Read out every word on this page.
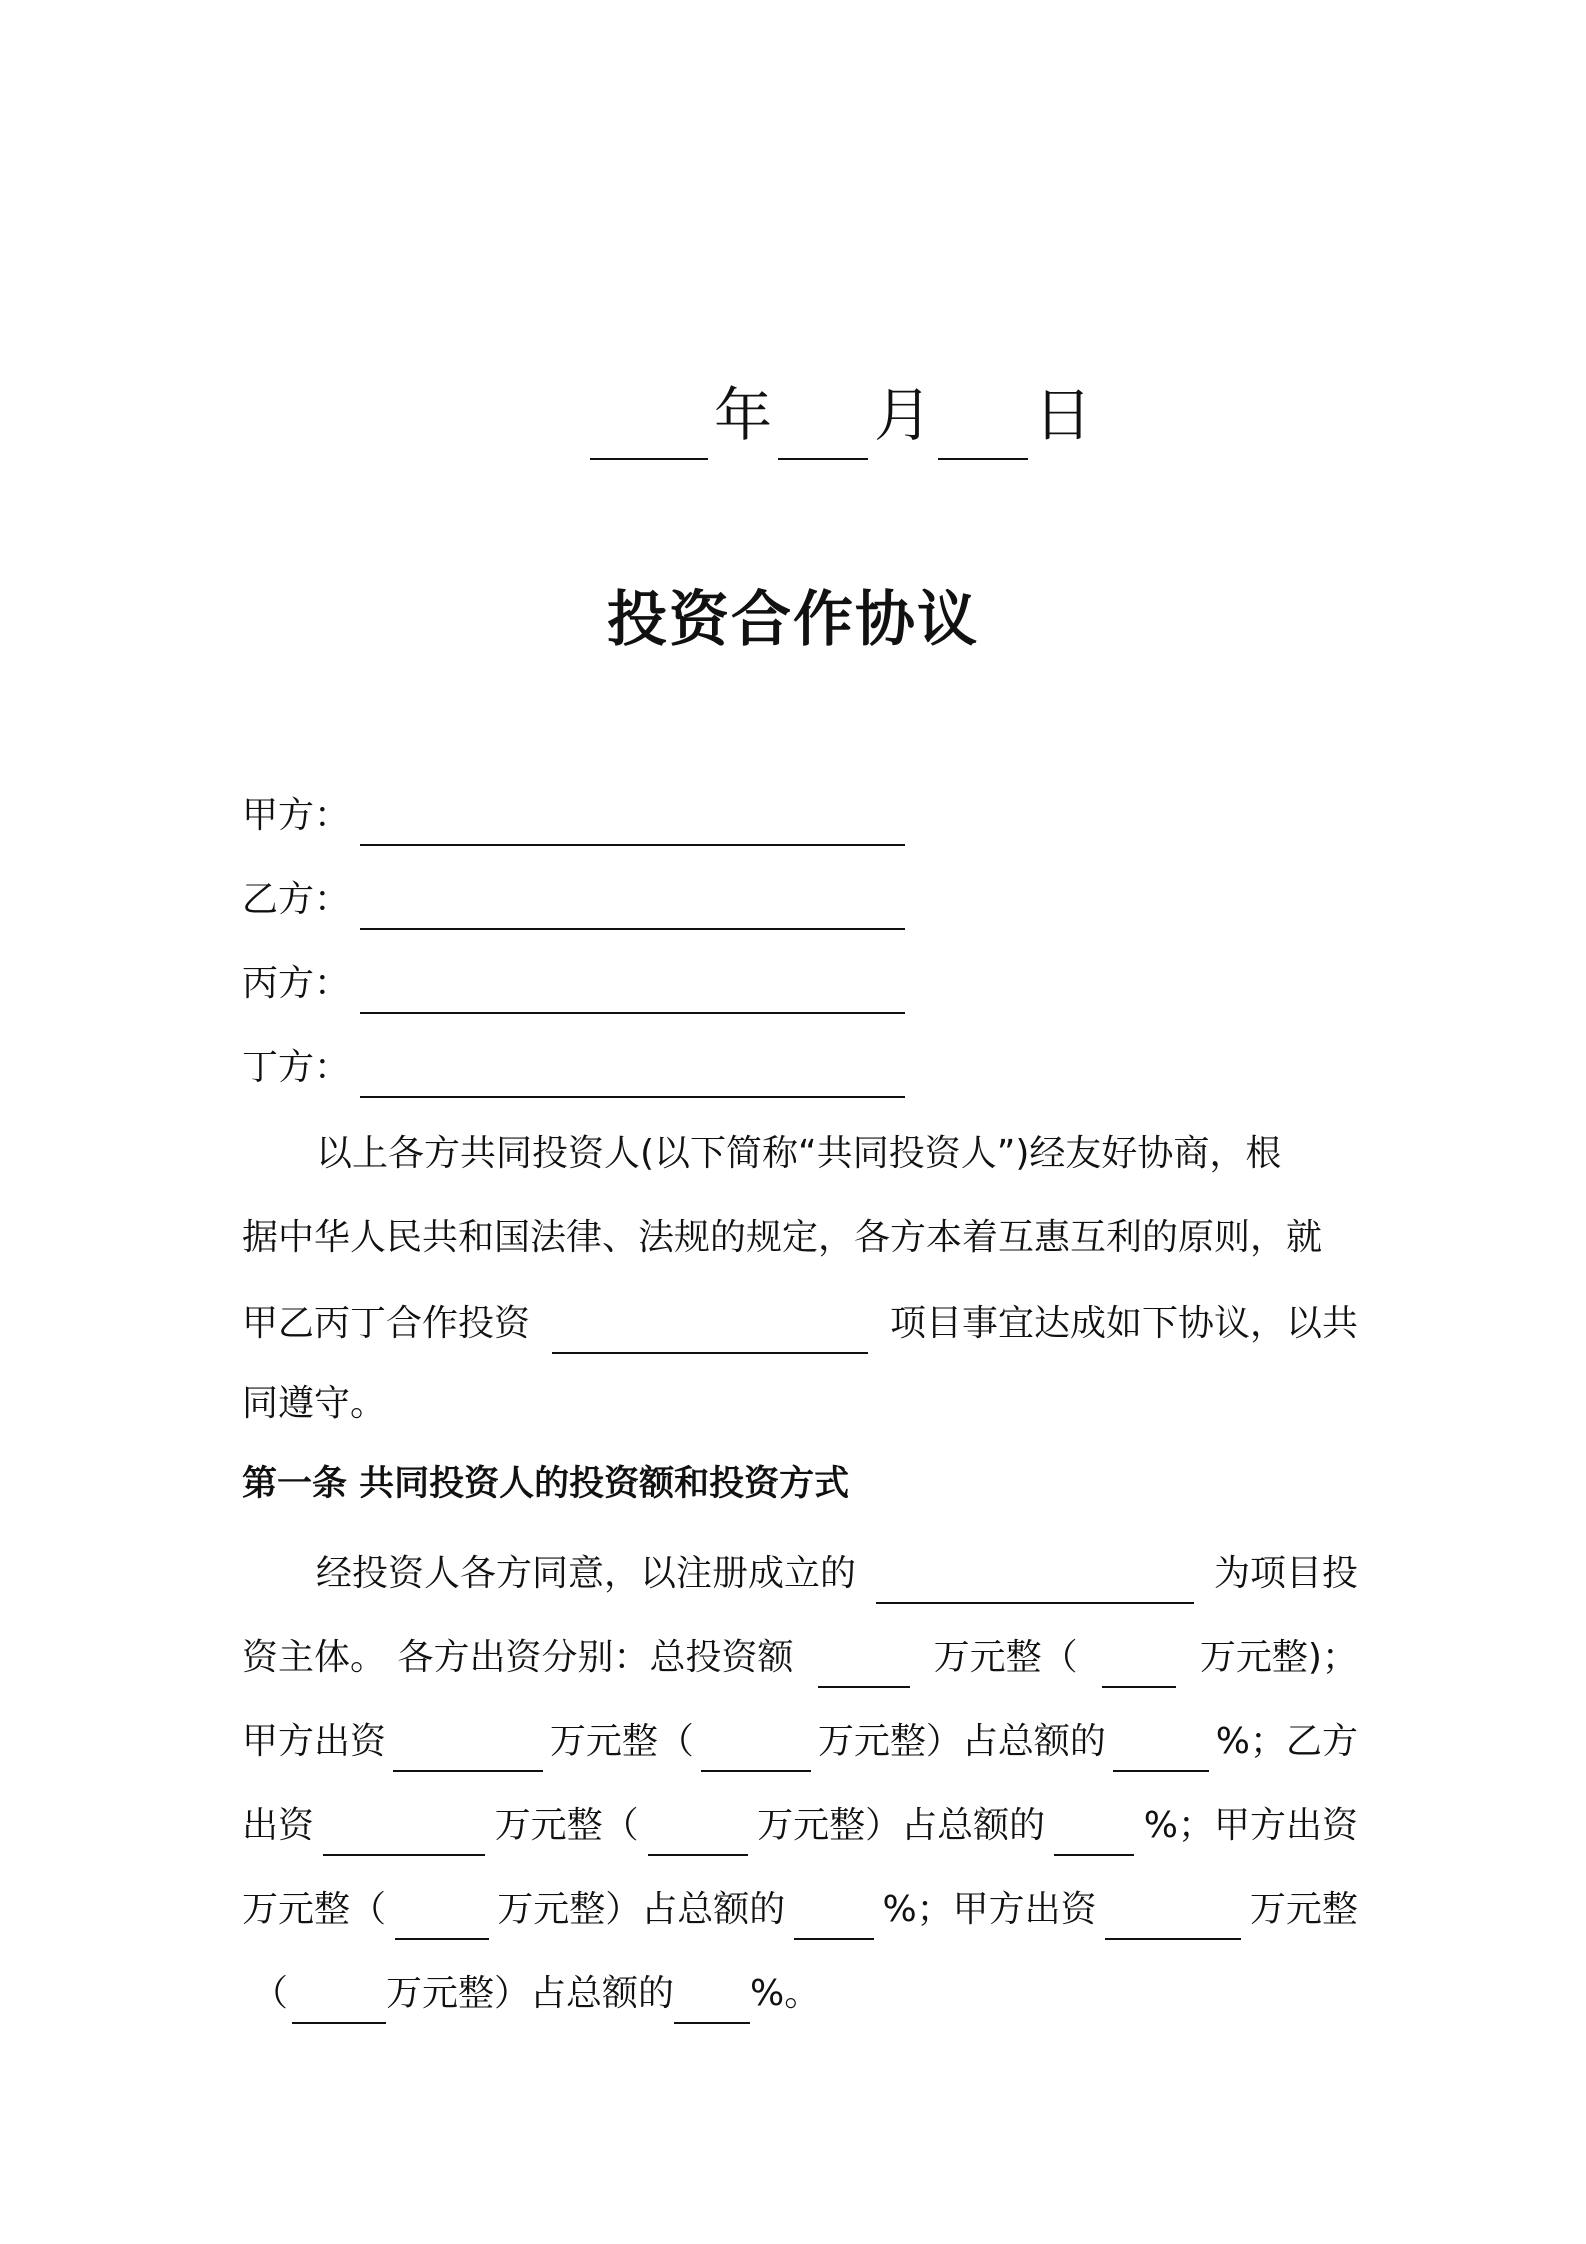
年 月 日
投资合作协议
甲方：
乙方：
丙方：
丁方：
以上各方共同投资人(以下简称“共同投资人”)经友好协商，根
据中华人民共和国法律、法规的规定，各方本着互惠互利的原则，就
甲乙丙丁合作投资	项目事宜达成如下协议，以共
同遵守。
第一条 共同投资人的投资额和投资方式
经投资人各方同意，以注册成立的	为项目投
资主体。 各方出资分别：总投资额	万元整（	万元整)；
甲方出资	万元整（	万元整）占总额的	%；乙方
出资	万元整（	万元整）占总额的	%；甲方出资
万元整（	万元整）占总额的	%；甲方出资	万元整
（	万元整）占总额的 %。
